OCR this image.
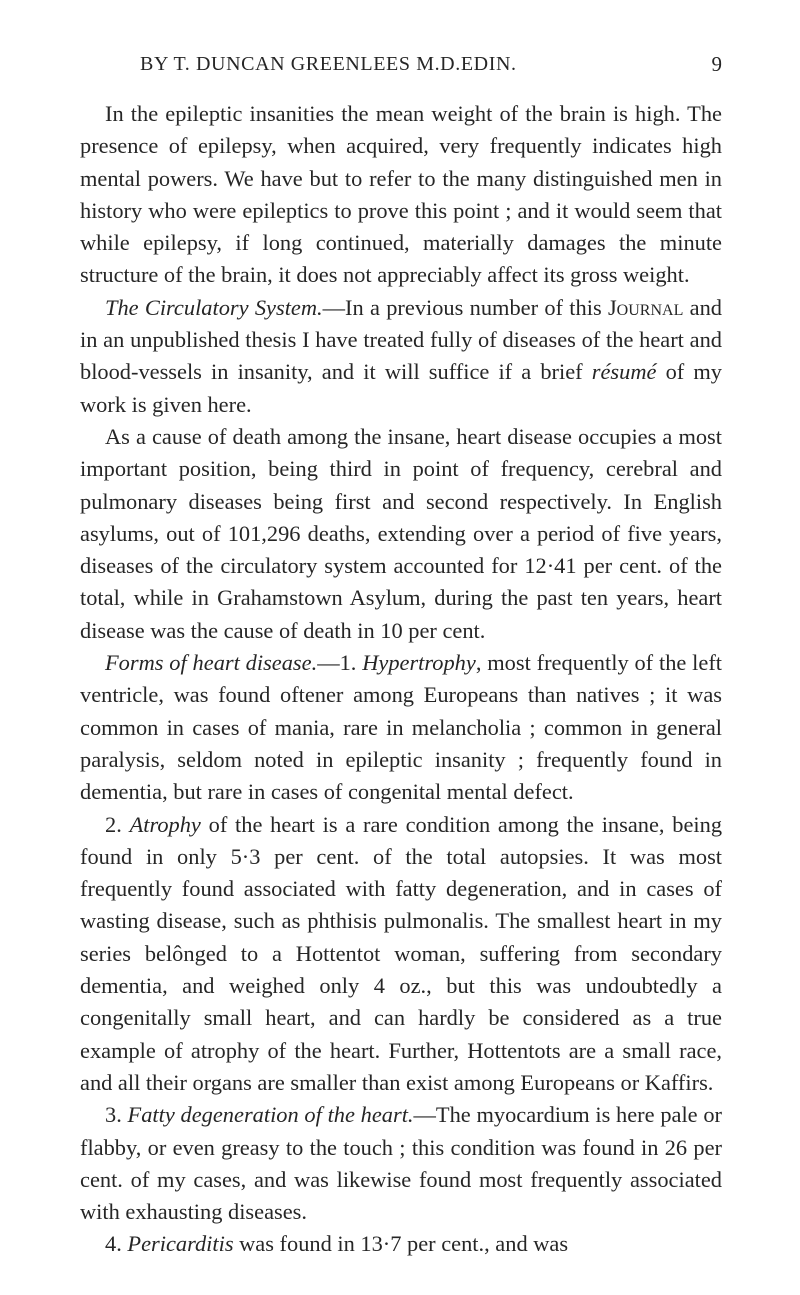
BY T. DUNCAN GREENLEES M.D.EDIN.	9

In the epileptic insanities the mean weight of the brain is high. The presence of epilepsy, when acquired, very frequently indicates high mental powers. We have but to refer to the many distinguished men in history who were epileptics to prove this point ; and it would seem that while epilepsy, if long continued, materially damages the minute structure of the brain, it does not appreciably affect its gross weight.

The Circulatory System.—In a previous number of this Journal and in an unpublished thesis I have treated fully of diseases of the heart and blood-vessels in insanity, and it will suffice if a brief résumé of my work is given here.

As a cause of death among the insane, heart disease occupies a most important position, being third in point of frequency, cerebral and pulmonary diseases being first and second respectively. In English asylums, out of 101,296 deaths, extending over a period of five years, diseases of the circulatory system accounted for 12·41 per cent. of the total, while in Grahamstown Asylum, during the past ten years, heart disease was the cause of death in 10 per cent.

Forms of heart disease.—1. Hypertrophy, most frequently of the left ventricle, was found oftener among Europeans than natives ; it was common in cases of mania, rare in melancholia ; common in general paralysis, seldom noted in epileptic insanity ; frequently found in dementia, but rare in cases of congenital mental defect.

2. Atrophy of the heart is a rare condition among the insane, being found in only 5·3 per cent. of the total autopsies. It was most frequently found associated with fatty degeneration, and in cases of wasting disease, such as phthisis pulmonalis. The smallest heart in my series belônged to a Hottentot woman, suffering from secondary dementia, and weighed only 4 oz., but this was undoubtedly a congenitally small heart, and can hardly be considered as a true example of atrophy of the heart. Further, Hottentots are a small race, and all their organs are smaller than exist among Europeans or Kaffirs.

3. Fatty degeneration of the heart.—The myocardium is here pale or flabby, or even greasy to the touch ; this condition was found in 26 per cent. of my cases, and was likewise found most frequently associated with exhausting diseases.

4. Pericarditis was found in 13·7 per cent., and was
